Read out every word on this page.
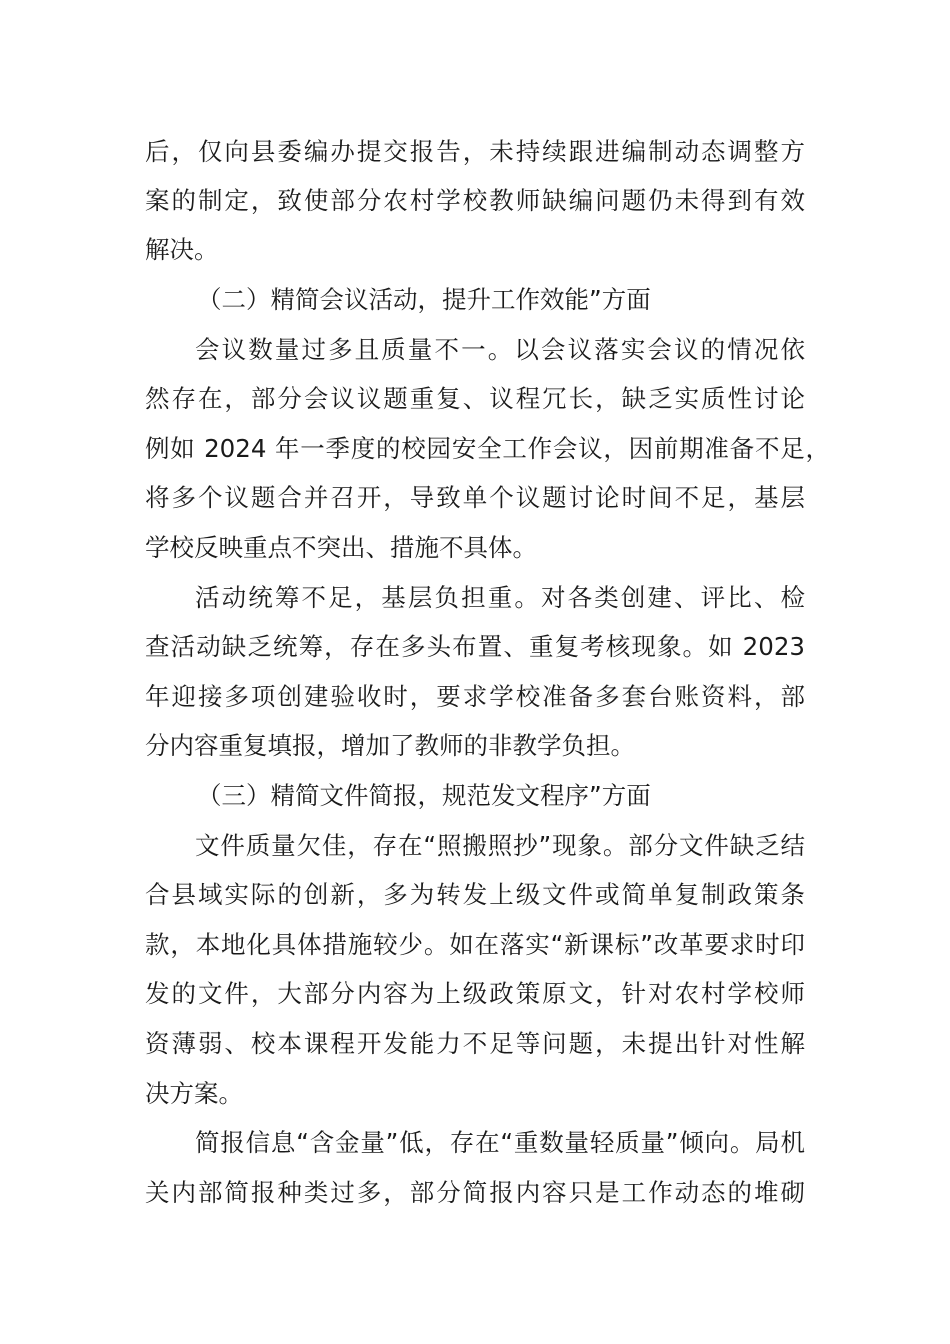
后，仅向县委编办提交报告，未持续跟进编制动态调整方
案的制定，致使部分农村学校教师缺编问题仍未得到有效
解决。
（二）精简会议活动，提升工作效能”方面
会议数量过多且质量不一。以会议落实会议的情况依
然存在，部分会议议题重复、议程冗长，缺乏实质性讨论
例如 2024 年一季度的校园安全工作会议，因前期准备不足，
将多个议题合并召开，导致单个议题讨论时间不足，基层
学校反映重点不突出、措施不具体。
活动统筹不足，基层负担重。对各类创建、评比、检
查活动缺乏统筹，存在多头布置、重复考核现象。如 2023
年迎接多项创建验收时，要求学校准备多套台账资料，部
分内容重复填报，增加了教师的非教学负担。
（三）精简文件简报，规范发文程序”方面
文件质量欠佳，存在“照搬照抄”现象。部分文件缺乏结
合县域实际的创新，多为转发上级文件或简单复制政策条
款，本地化具体措施较少。如在落实“新课标”改革要求时印
发的文件，大部分内容为上级政策原文，针对农村学校师
资薄弱、校本课程开发能力不足等问题，未提出针对性解
决方案。
简报信息“含金量”低，存在“重数量轻质量”倾向。局机
关内部简报种类过多，部分简报内容只是工作动态的堆砌
